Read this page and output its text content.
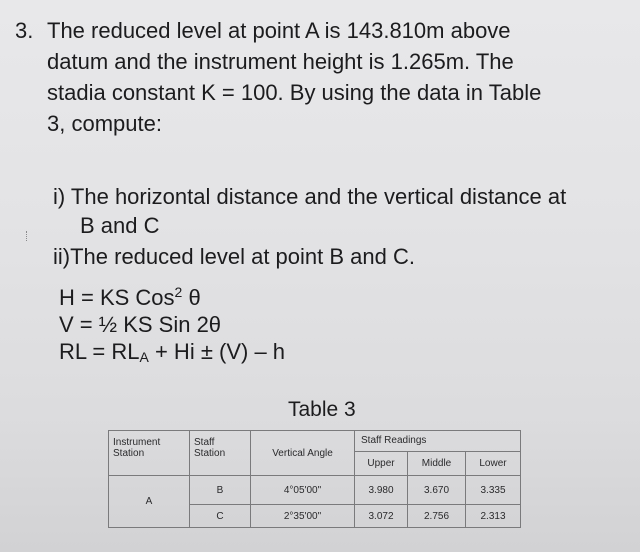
3. The reduced level at point A is 143.810m above
datum and the instrument height is 1.265m. The
stadia constant K = 100. By using the data in Table
3, compute:
i) The horizontal distance and the vertical distance at
B and C
ii)The reduced level at point B and C.
H = KS Cos$^2$ θ
V = ½ KS Sin 2θ
RL = $RL_A + Hi \pm (V) - h$
Table 3
Instrument Station	Staff Station	Vertical Angle	Staff Readings		
			Upper	Middle	Lower
A	B	4°05'00"	3.980	3.670	3.335
	C	2°35'00"	3.072	2.756	2.313
